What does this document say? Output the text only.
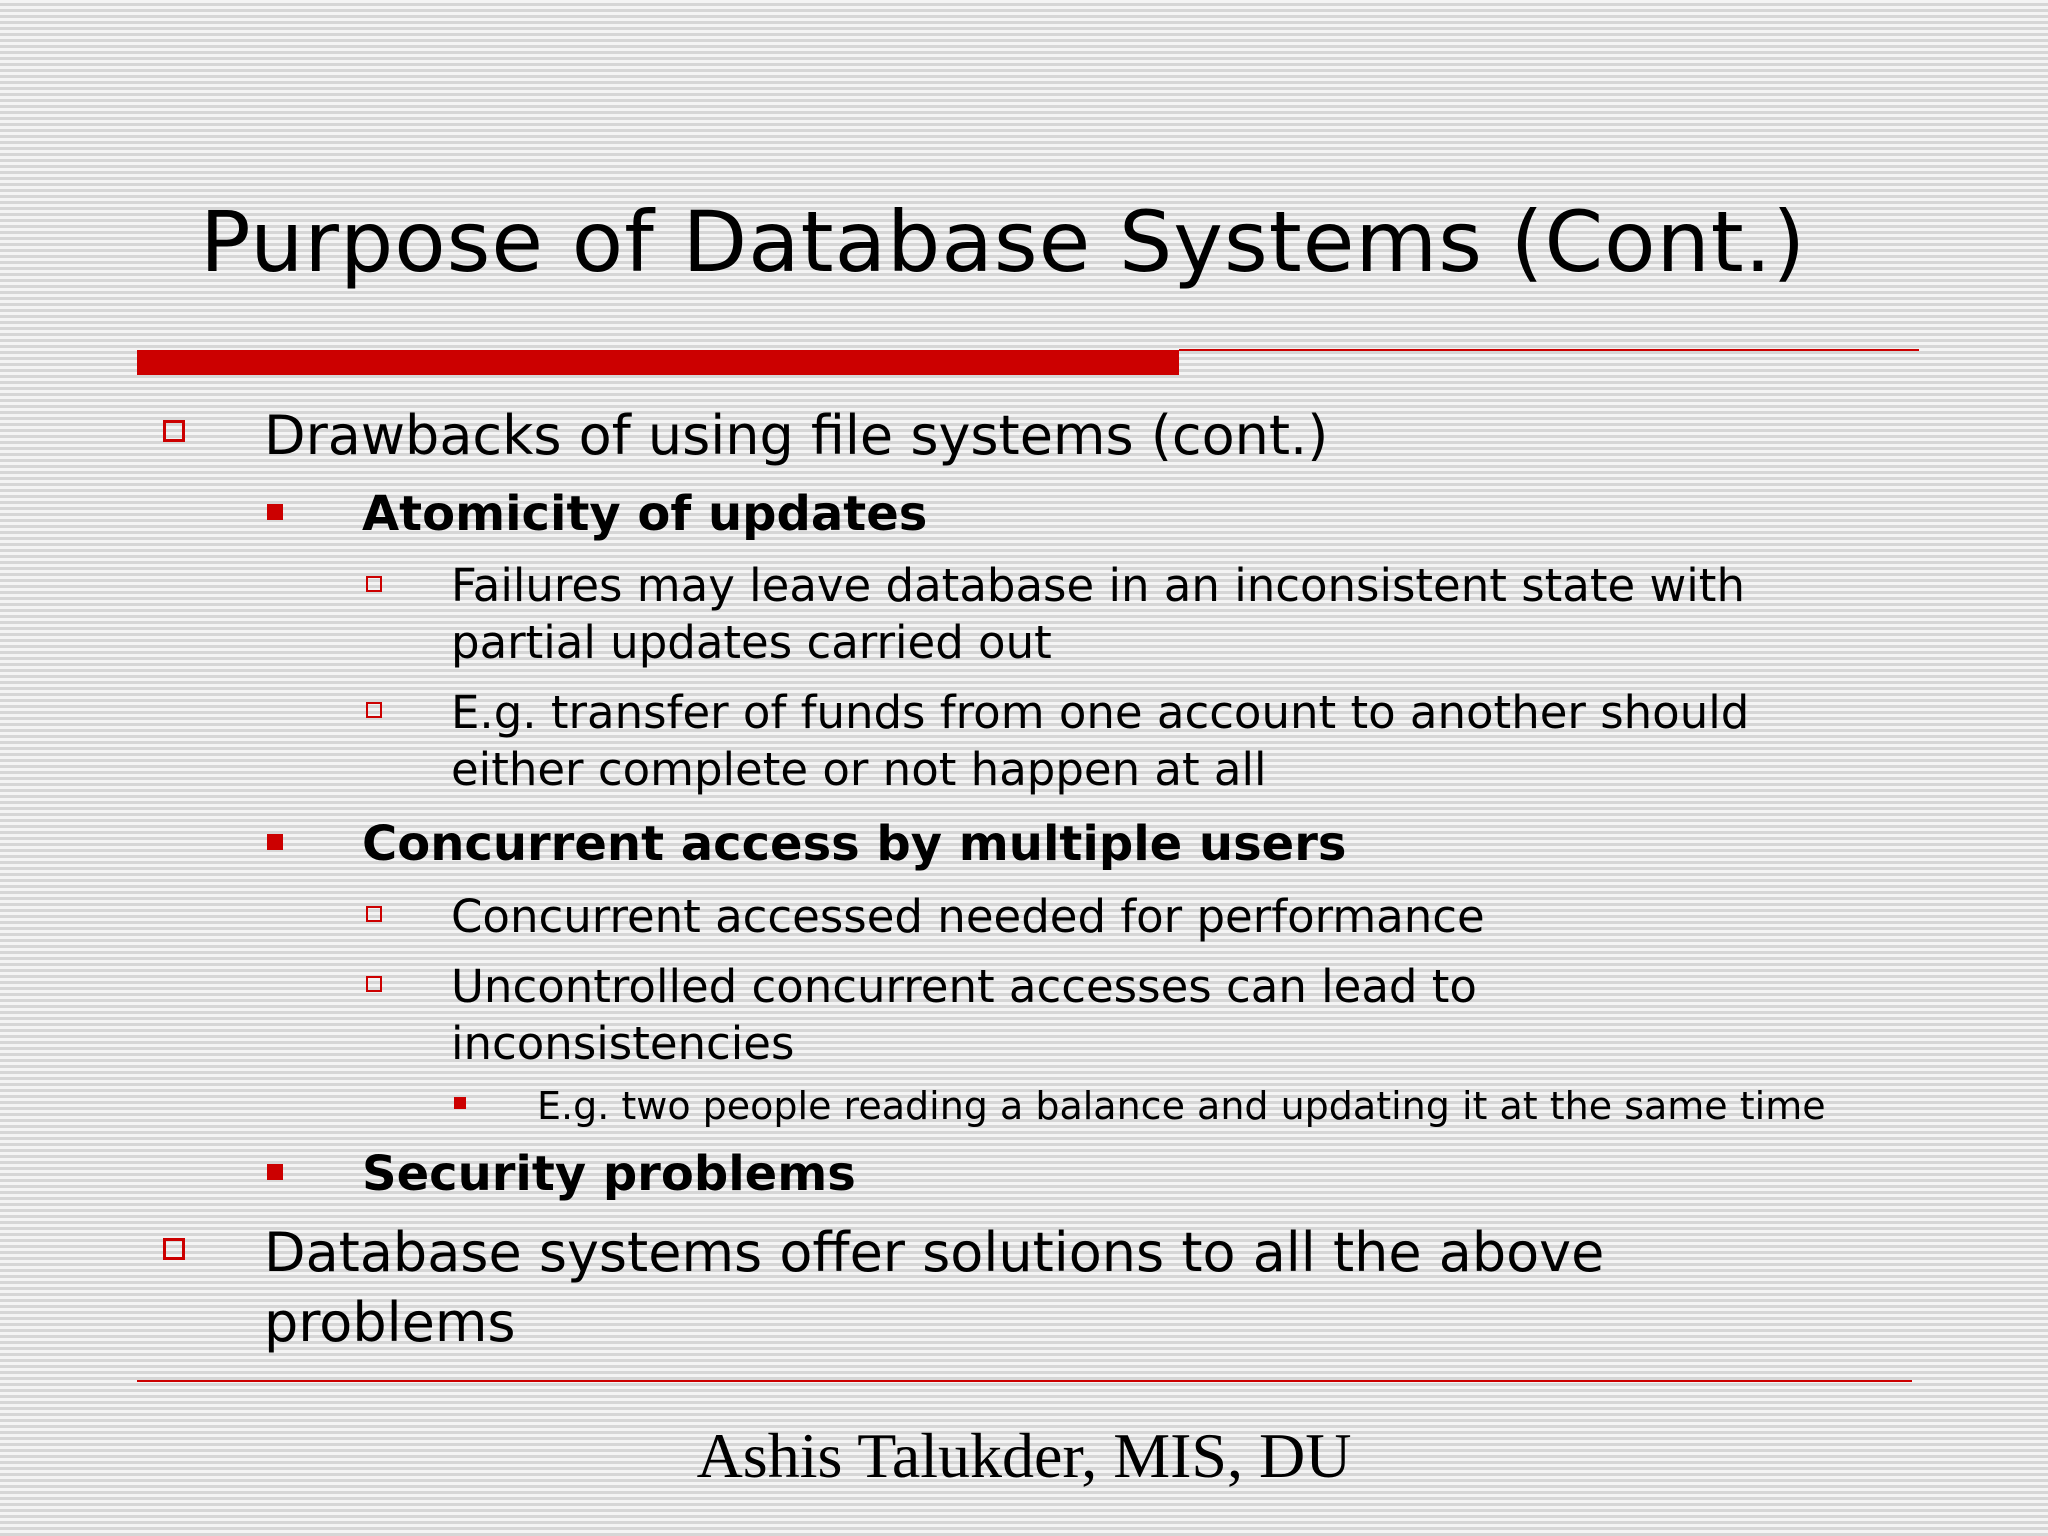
Purpose of Database Systems (Cont.)
Drawbacks of using file systems (cont.)
Atomicity of updates
Failures may leave database in an inconsistent state with
partial updates carried out
E.g. transfer of funds from one account to another should
either complete or not happen at all
Concurrent access by multiple users
Concurrent accessed needed for performance
Uncontrolled concurrent accesses can lead to
inconsistencies
E.g. two people reading a balance and updating it at the same time
Security problems
Database systems offer solutions to all the above
problems
Ashis Talukder, MIS, DU
